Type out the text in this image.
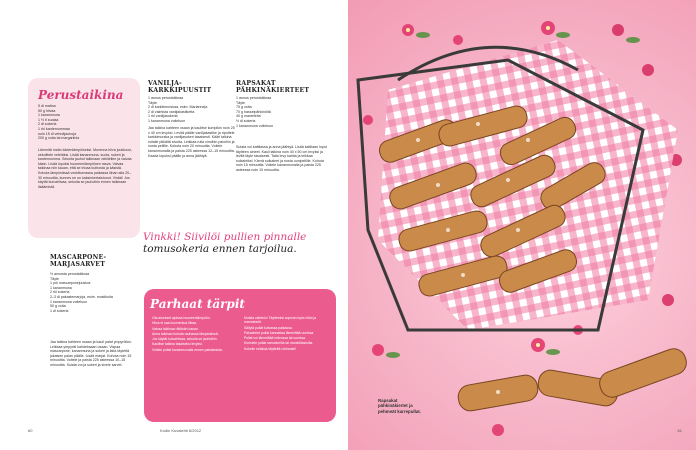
Perustaikina

5 dl maitoa

50 g hiivaa

1 kananmuna

1 ½ tl suolaa

2 dl sokeria

1 rkl kardemummaa

noin 15 dl vehnäjauhoja

200 g voita tai margariinia

Lämmitä maito kädenlämpöiseksi. Murenna hiiva joukkoon, sekoittele veteläksi. Lisää kananmuna, suola, sokeri ja kardemumma. Sekoita jauhot taikinaan vähitellen ja vaivaa käsin. Lisää lopuksi huoneenlämpöinen rasva. Vaivaa taikinaa niin kauan, että se irtoaa kulhosta ja käsistä. Kohota lämpimässä vedottomassa paikassa liinan alla 20–30 minuuttia, kunnes se on kaksinkertaistunut. Vinkki! Jos käytät kuivahiivaa, sekoita se jauhoihin ennen taikinaan lisäämistä.
VANILJA-KARKKIPUUSTIT

1 annos perustaikinaa

Täyte

2 dl karkkimurskaa, esim. Marianneja

2 dl valmista vaniljakastiketta

1 rkl vaniljasokeria

1 kananmuna voiteluun

Jaa taikina kahteen osaan ja kaulitse kumpikin noin 25 x 40 cm levyksi. Levitä päälle vaniljakastike ja ripottele karkkimurska ja vaniljasokeri tasaisesti. Kääri taikina rullalle pitkältä sivulta. Leikkaa rulla vinoihin paloihin ja nosta pellille. Kohota noin 20 minuuttia. Voitele kananmunalla ja paista 225 asteessa 12–15 minuuttia. Kaada lopuksi päälle ja anna jäähtyä.
RAPSAKAT PÄHKINÄKIERTEET

1 annos perustaikinaa

Täyte

75 g voita

70 g hasselpähkinöitä

40 g manteleita

½ dl sokeria

1 kananmuna voiteluun

Sulata voi kattilassa ja anna jäähtyä. Lisää kattilaan loput täytteen aineet. Kauli taikina noin 40 x 50 cm levyksi ja levitä täyte tasaisesti. Taita levy kahtia ja leikkaa suikaleiksi. Kierrä suikaleet ja nosta uunipellille. Kohota noin 15 minuuttia. Voitele kananmunalla ja paista 225 asteessa noin 10 minuuttia.
MASCARPONE-MARJASARVET

½ annosta perustaikinaa

Täyte

1 prk mascarponejuustoa

1 kananmuna

2 rkl sokeria

2–3 dl pakastemarjoja, esim. mustikoita

1 kananmuna voiteluun

50 g voita

1 dl sokeria

Jaa taikina kahteen osaan ja kauli palat ympyröiksi. Leikkaa ympyrät kahdeksaan osaan. Vispaa mascarpone, kananmuna ja sokeri ja laita täytettä jokaisen palan päälle. Lisää marjat. Kohota noin 15 minuuttia. Voitele ja paista 225 asteessa 10–15 minuuttia. Sulata voi ja sokeri ja sivele sarvet.
Vinkki! Siivilöi pullien pinnalle
tomusokeria ennen tarjoilua.
Parhaat tärpit

Ota ainekset ajoissa huoneenlämpöön.

Hiiva ei saa kuumentua liikaa.

Vaivaa taikinaa riittävän kauan.

Anna taikinan kohota rauhassa lämpimässä.

Jos käytät kuivahiivaa, sekoita se jauhoihin.

Kaulitse taikina tasaiseksi levyksi.

Voitele pullat kananmunalla ennen paistamista.

Muista vaihtelu! Täytteeksi sopivat myös hillot ja marmeladit.

Säilytä pullat kuivassa paikassa.

Pakastetut pullat kannattaa lämmittää uunissa.

Pullat voi lämmittää mikrossa tai uunissa.

Koristele pullat raesokerilla tai mantelilastuilla.

Kokeile erilaisia täytteitä rohkeasti!

60	Kodin Kuvalehti 6/2012
Rapsakat pähkinäkiertet ja pehmeät karrepullat.
61
